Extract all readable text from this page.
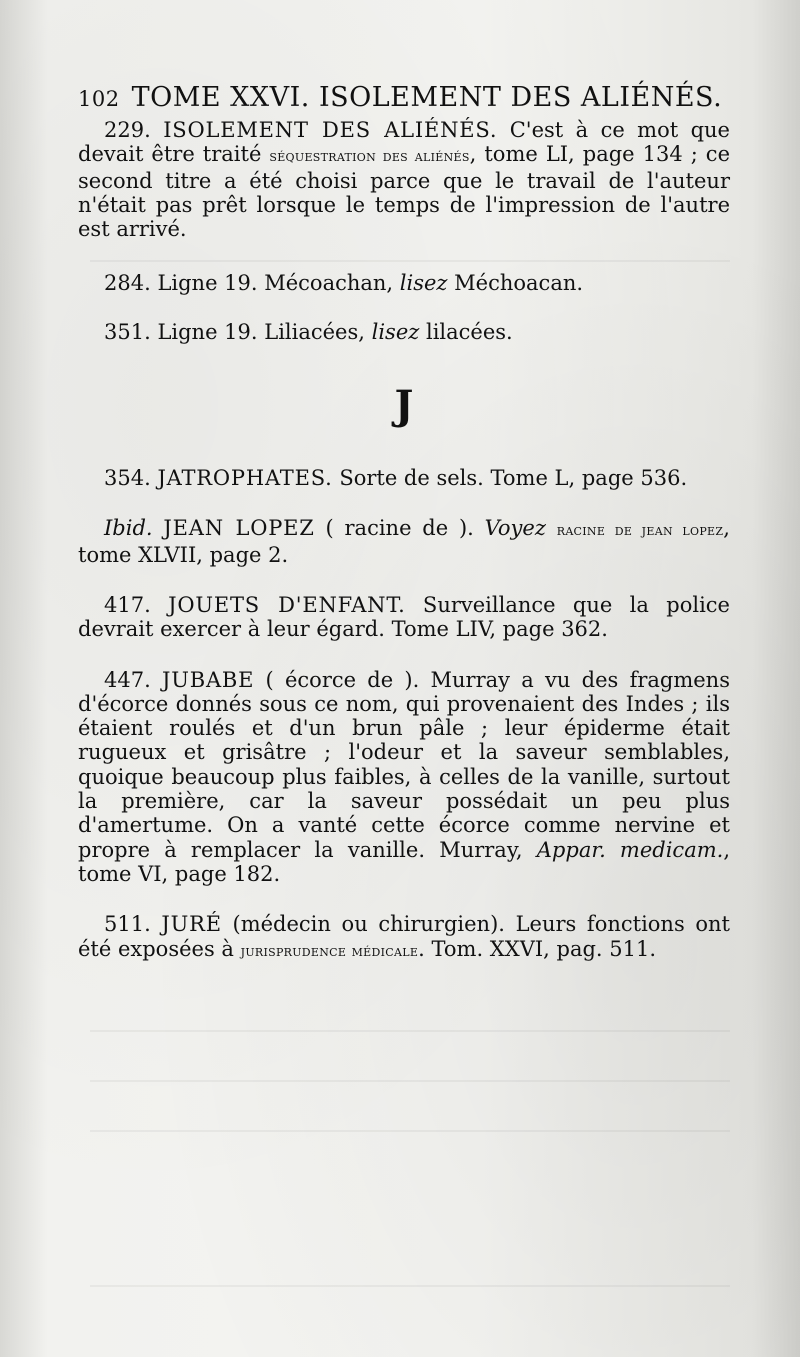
102 TOME XXVI. ISOLEMENT DES ALIÉNÉS.

229. ISOLEMENT DES ALIÉNÉS. C'est à ce mot que devait être traité séquestration des aliénés, tome LI, page 134 ; ce second titre a été choisi parce que le travail de l'auteur n'était pas prêt lorsque le temps de l'impression de l'autre est arrivé.

284. Ligne 19. Mécoachan, lisez Méchoacan.

351. Ligne 19. Liliacées, lisez lilacées.

J

354. JATROPHATES. Sorte de sels. Tome L, page 536.

Ibid. JEAN LOPEZ ( racine de ). Voyez racine de jean lopez, tome XLVII, page 2.

417. JOUETS D'ENFANT. Surveillance que la police devrait exercer à leur égard. Tome LIV, page 362.

447. JUBABE ( écorce de ). Murray a vu des fragmens d'écorce donnés sous ce nom, qui provenaient des Indes ; ils étaient roulés et d'un brun pâle ; leur épiderme était rugueux et grisâtre ; l'odeur et la saveur semblables, quoique beaucoup plus faibles, à celles de la vanille, surtout la première, car la saveur possédait un peu plus d'amertume. On a vanté cette écorce comme nervine et propre à remplacer la vanille. Murray, Appar. medicam., tome VI, page 182.

511. JURÉ (médecin ou chirurgien). Leurs fonctions ont été exposées à jurisprudence médicale. Tom. XXVI, pag. 511.
